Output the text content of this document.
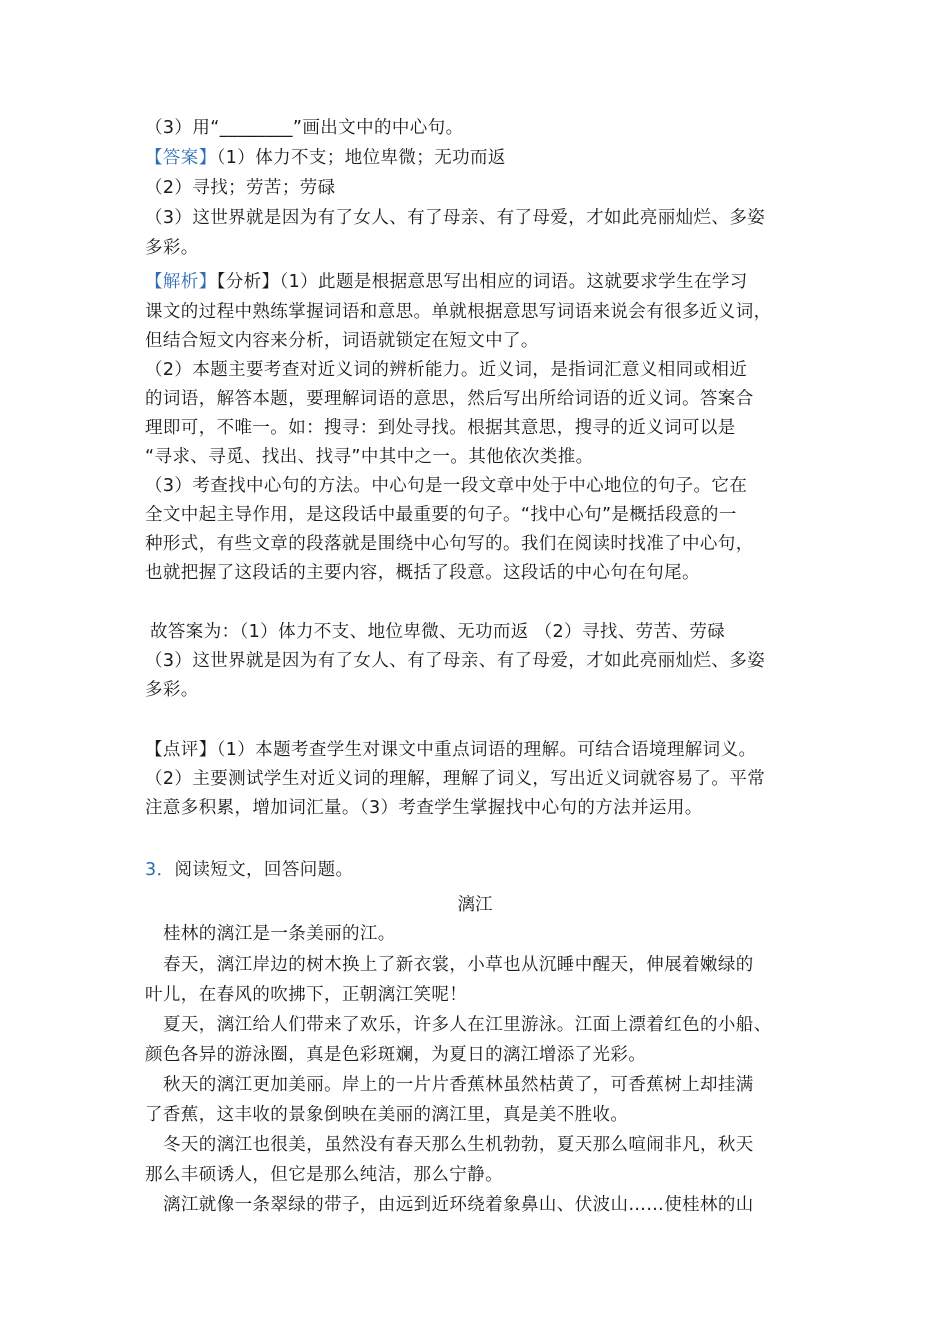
（3）用“________”画出文中的中心句。
【答案】（1）体力不支；地位卑微；无功而返
（2）寻找；劳苦；劳碌
（3）这世界就是因为有了女人、有了母亲、有了母爱，才如此亮丽灿烂、多姿
多彩。
【解析】【分析】（1）此题是根据意思写出相应的词语。这就要求学生在学习
课文的过程中熟练掌握词语和意思。单就根据意思写词语来说会有很多近义词，
但结合短文内容来分析，词语就锁定在短文中了。
（2）本题主要考查对近义词的辨析能力。近义词，是指词汇意义相同或相近
的词语，解答本题，要理解词语的意思，然后写出所给词语的近义词。答案合
理即可，不唯一。如：搜寻：到处寻找。根据其意思，搜寻的近义词可以是
“寻求、寻觅、找出、找寻”中其中之一。其他依次类推。
（3）考查找中心句的方法。中心句是一段文章中处于中心地位的句子。它在
全文中起主导作用，是这段话中最重要的句子。“找中心句”是概括段意的一
种形式，有些文章的段落就是围绕中心句写的。我们在阅读时找准了中心句，
也就把握了这段话的主要内容，概括了段意。这段话的中心句在句尾。
故答案为：（1）体力不支、地位卑微、无功而返 （2）寻找、劳苦、劳碌
（3）这世界就是因为有了女人、有了母亲、有了母爱，才如此亮丽灿烂、多姿
多彩。
【点评】（1）本题考查学生对课文中重点词语的理解。可结合语境理解词义。
（2）主要测试学生对近义词的理解，理解了词义，写出近义词就容易了。平常
注意多积累，增加词汇量。（3）考查学生掌握找中心句的方法并运用。
3．阅读短文，回答问题。
漓江
桂林的漓江是一条美丽的江。
春天，漓江岸边的树木换上了新衣裳，小草也从沉睡中醒天，伸展着嫩绿的
叶儿，在春风的吹拂下，正朝漓江笑呢！
夏天，漓江给人们带来了欢乐，许多人在江里游泳。江面上漂着红色的小船、
颜色各异的游泳圈，真是色彩斑斓，为夏日的漓江增添了光彩。
秋天的漓江更加美丽。岸上的一片片香蕉林虽然枯黄了，可香蕉树上却挂满
了香蕉，这丰收的景象倒映在美丽的漓江里，真是美不胜收。
冬天的漓江也很美，虽然没有春天那么生机勃勃，夏天那么喧闹非凡，秋天
那么丰硕诱人，但它是那么纯洁，那么宁静。
漓江就像一条翠绿的带子，由远到近环绕着象鼻山、伏波山……使桂林的山
